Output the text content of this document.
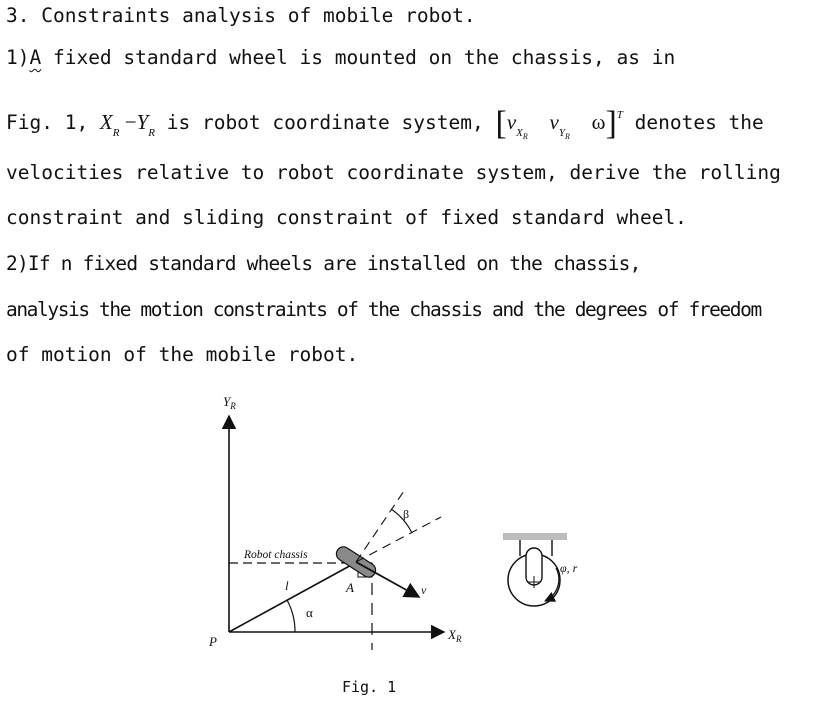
3. Constraints analysis of mobile robot.
1)A fixed standard wheel is mounted on the chassis, as in
Fig. 1, $X_R -Y_R$ is robot coordinate system, [$v_{XR}$ $v_{YR}$ ω]$^T$ denotes the
velocities relative to robot coordinate system, derive the rolling
constraint and sliding constraint of fixed standard wheel.
2)If n fixed standard wheels are installed on the chassis,
analysis the motion constraints of the chassis and the degrees of freedom
of motion of the mobile robot.
$Y_R$
$X_R$
P
l
α
Robot chassis
A	v
β
φ, r
Fig. 1
